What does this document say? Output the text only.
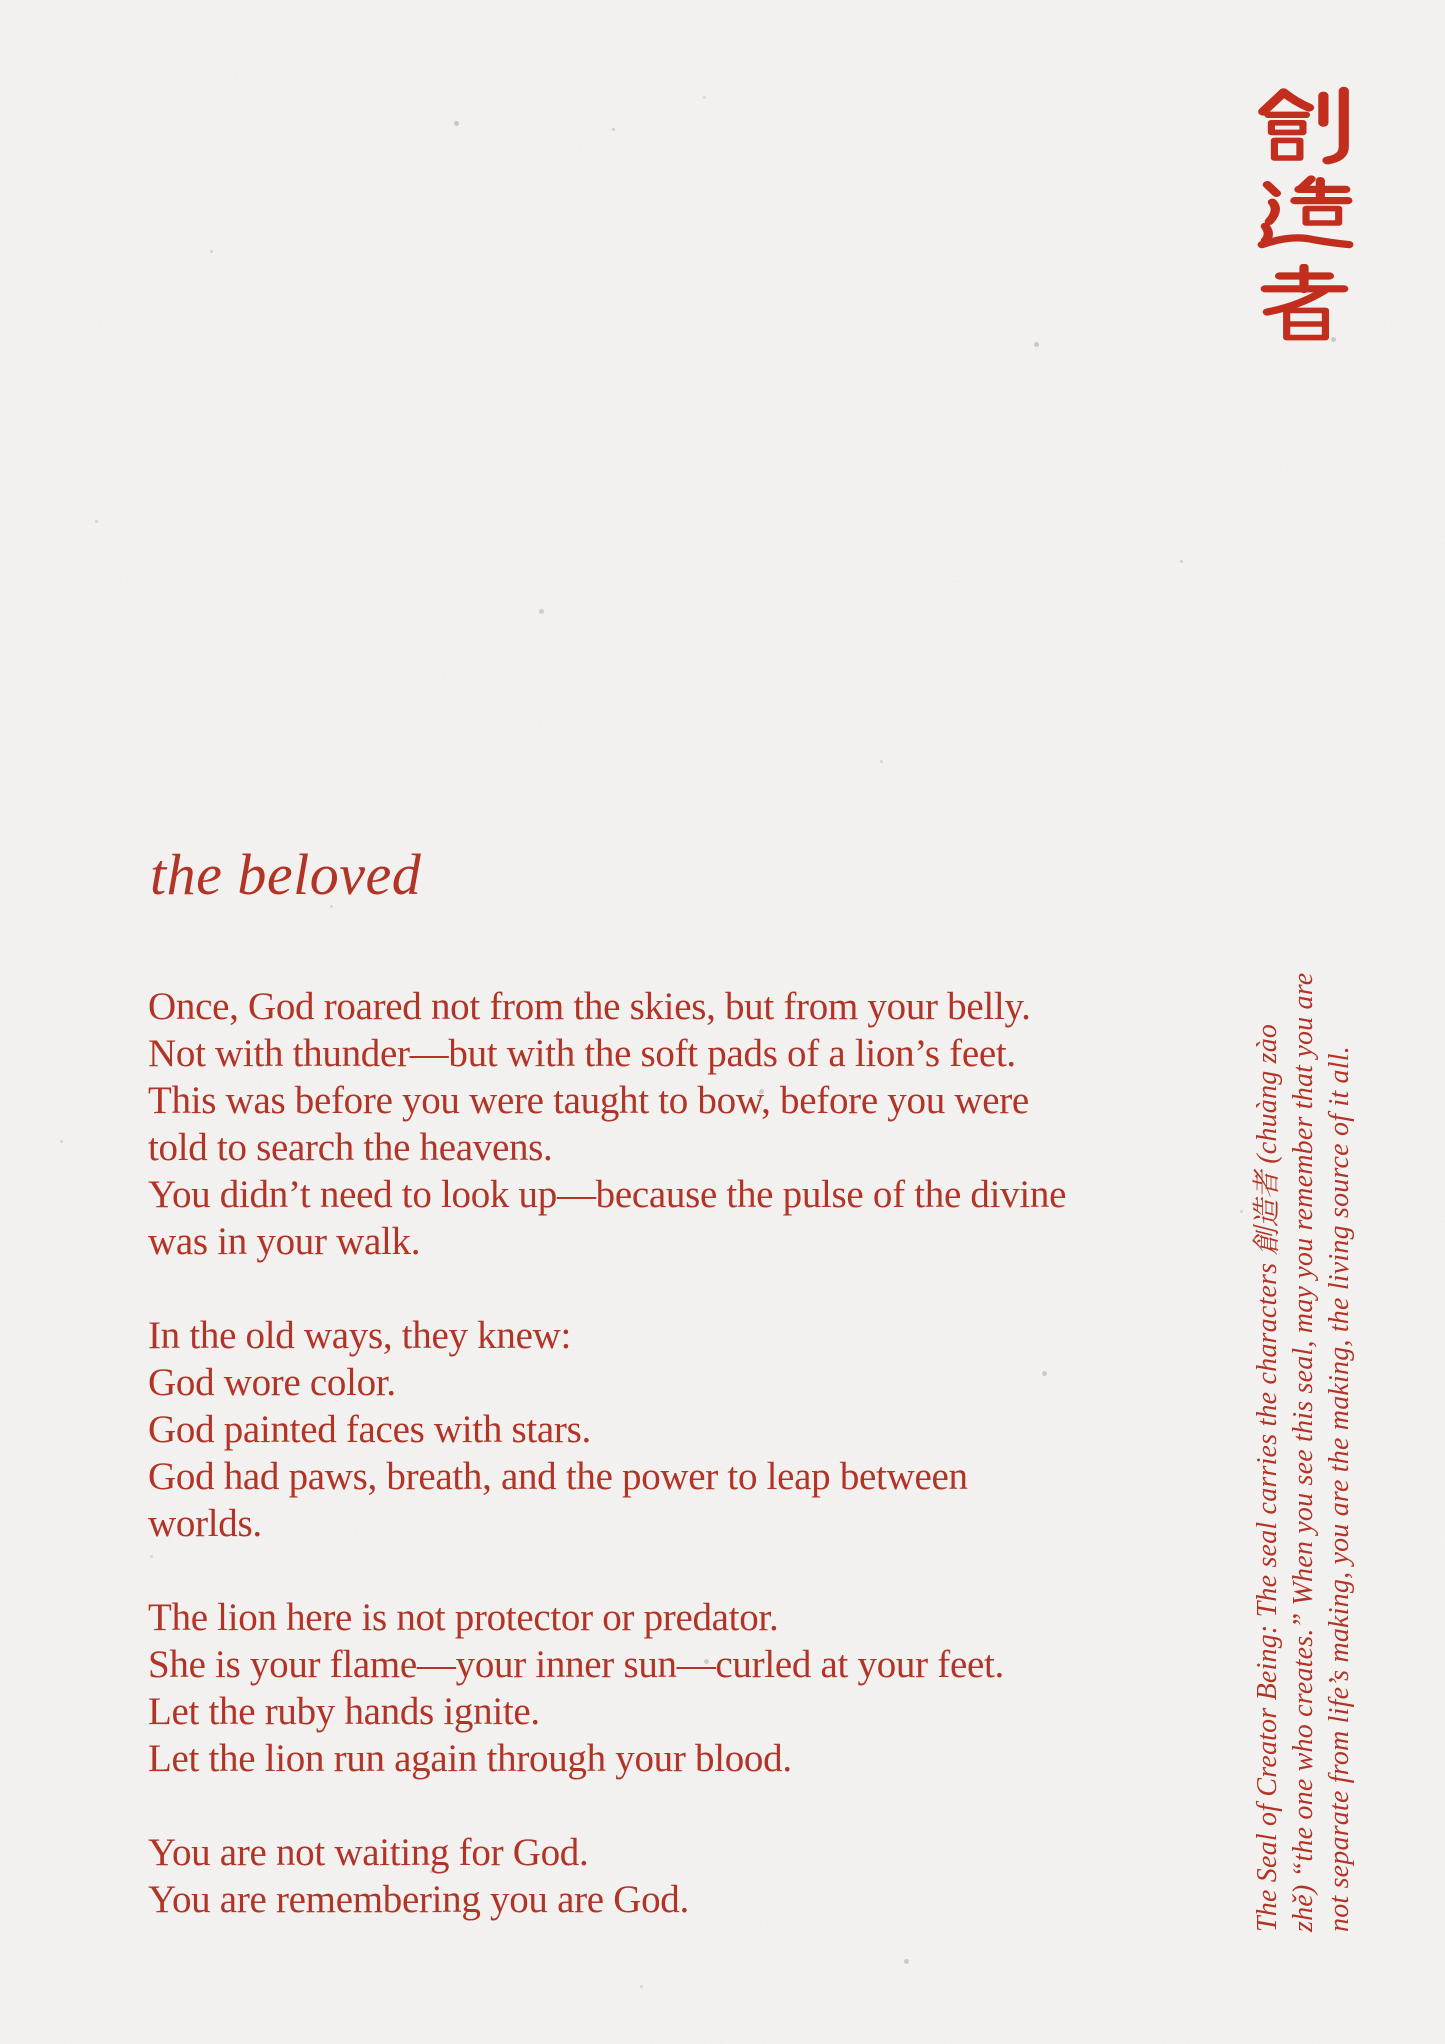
the beloved
Once, God roared not from the skies, but from your belly.
Not with thunder—but with the soft pads of a lion’s feet.
This was before you were taught to bow, before you were
told to search the heavens.
You didn’t need to look up—because the pulse of the divine
was in your walk.
In the old ways, they knew:
God wore color.
God painted faces with stars.
God had paws, breath, and the power to leap between
worlds.
The lion here is not protector or predator.
She is your flame—your inner sun—curled at your feet.
Let the ruby hands ignite.
Let the lion run again through your blood.
You are not waiting for God.
You are remembering you are God.	The Seal of Creator Being: The seal carries the characters 創造者 (chuàng zào zhě) “the one who creates.” When you see this seal, may you remember that you are not separate from life’s making, you are the making, the living source of it all.
